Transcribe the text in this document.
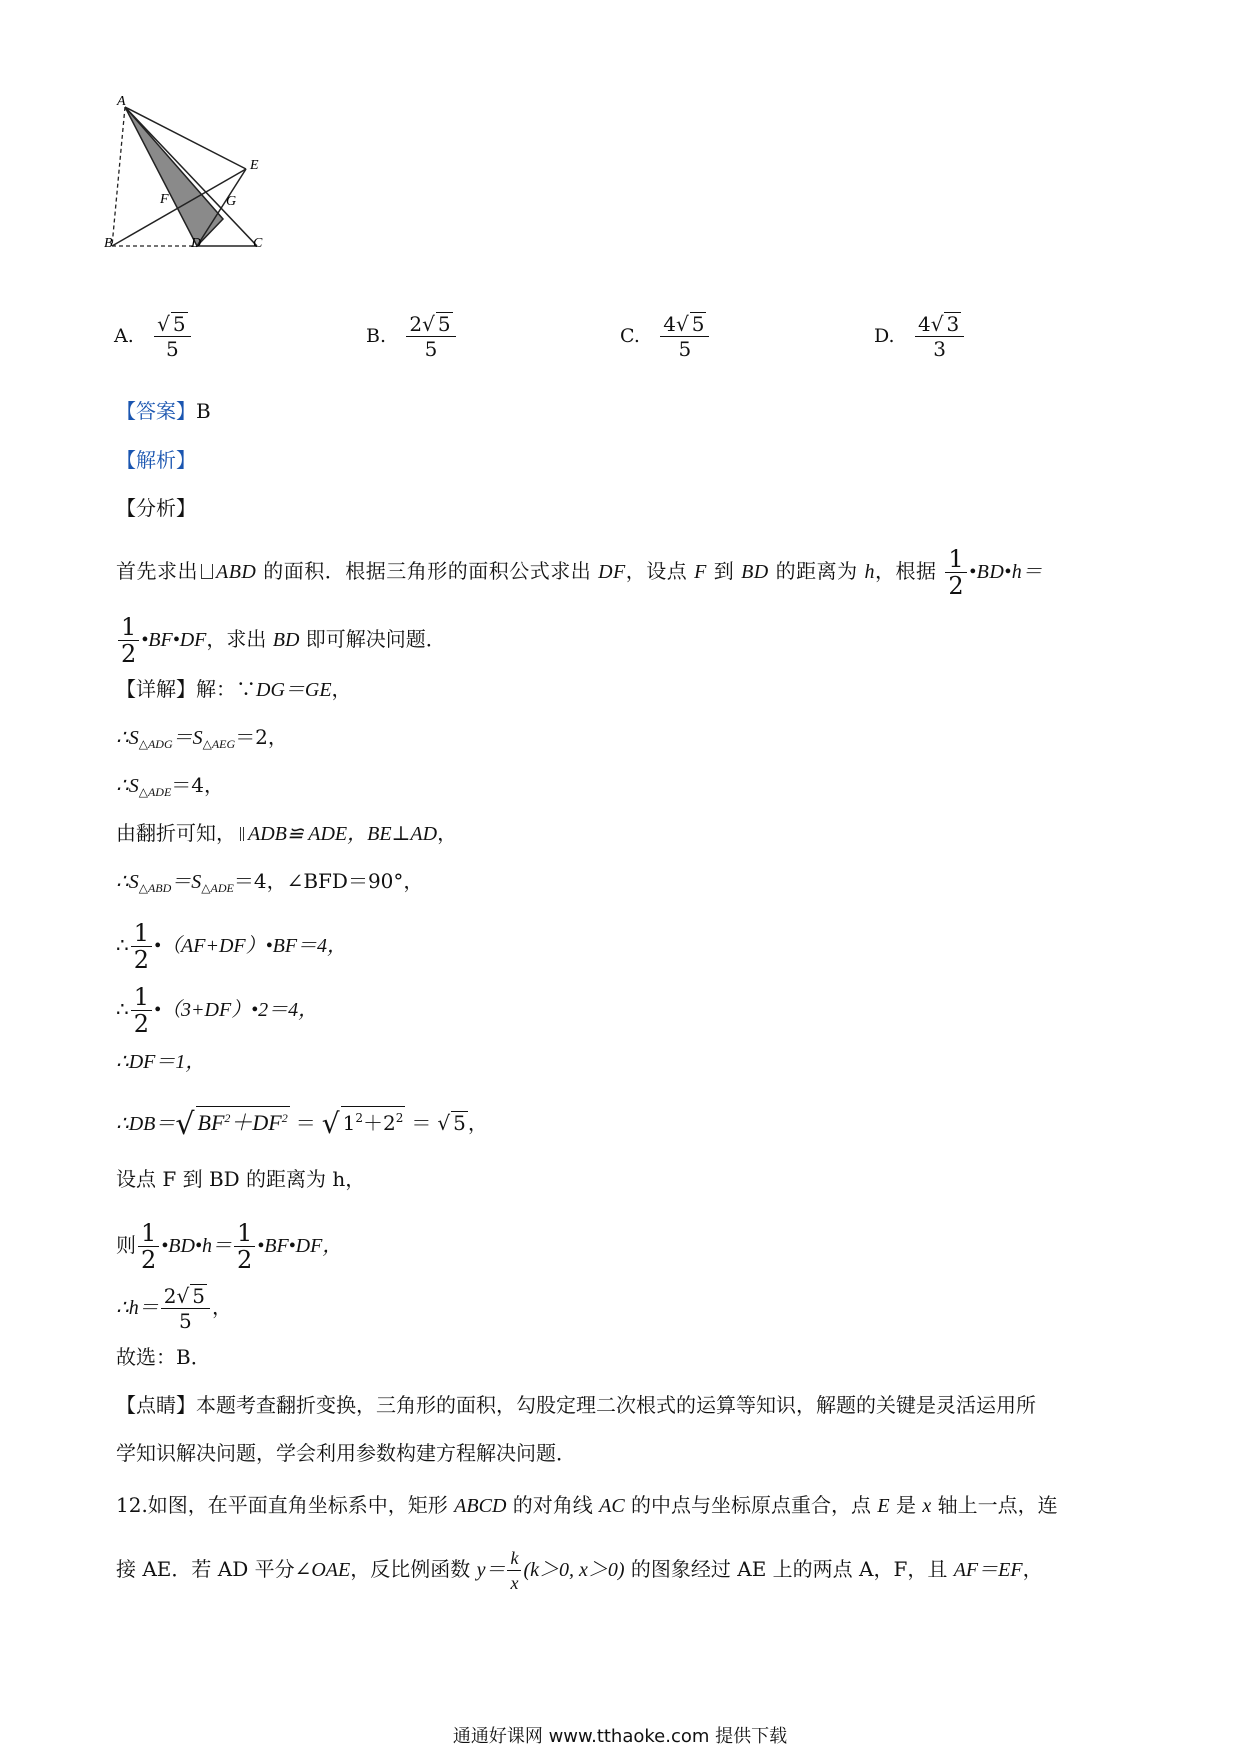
A
E
F	G
B	D	C
A. $\frac{√ 5}{5}$	B. $\frac{2√ 5}{5}$	C. $\frac{4√ 5}{5}$	D. $\frac{4√ 3}{3}$
【答案】B
【解析】
【分析】
首先求出 ABD 的面积．根据三角形的面积公式求出 DF，设点 F 到 BD 的距离为 h，根据 $\frac{1}{2}$ •BD•h＝
$\frac{1}{2}$ •BF•DF，求出 BD 即可解决问题．
【详解】解：∵DG＝GE，
$\therefore S_{\triangle ADG}=S_{\triangle AEG}=2$，
$\therefore S_{\triangle ADE}=4$，
由翻折可知， ADB≌ ADE，BE⊥AD，
$\therefore S_{\triangle ABD}=S_{\triangle ADE}=4$，∠BFD＝90°，
∴ $\frac{1}{2}$ •（AF+DF）•BF＝4，
∴ $\frac{1}{2}$ •（3+DF）•2＝4，
∴DF＝1，
∴DB＝√ $BF^2+DF^2$ ＝ √ $1^2+2^2$ ＝ √ 5 ，
设点 F 到 BD 的距离为 h，
则 $\frac{1}{2}$ •BD•h＝ $\frac{1}{2}$ •BF•DF，
∴h＝ $\frac{2√ 5}{5}$ ，
故选：B．
【点睛】本题考查翻折变换，三角形的面积，勾股定理二次根式的运算等知识，解题的关键是灵活运用所
学知识解决问题，学会利用参数构建方程解决问题．
12.如图，在平面直角坐标系中，矩形 ABCD 的对角线 AC 的中点与坐标原点重合，点 E 是 x 轴上一点，连
接 AE．若 AD 平分∠OAE，反比例函数 $y= \frac{k}{x} (k>0$, x＞0) 的图象经过 AE 上的两点 A，F，且 AF＝EF，
通通好课网 www.tthaoke.com 提供下载
